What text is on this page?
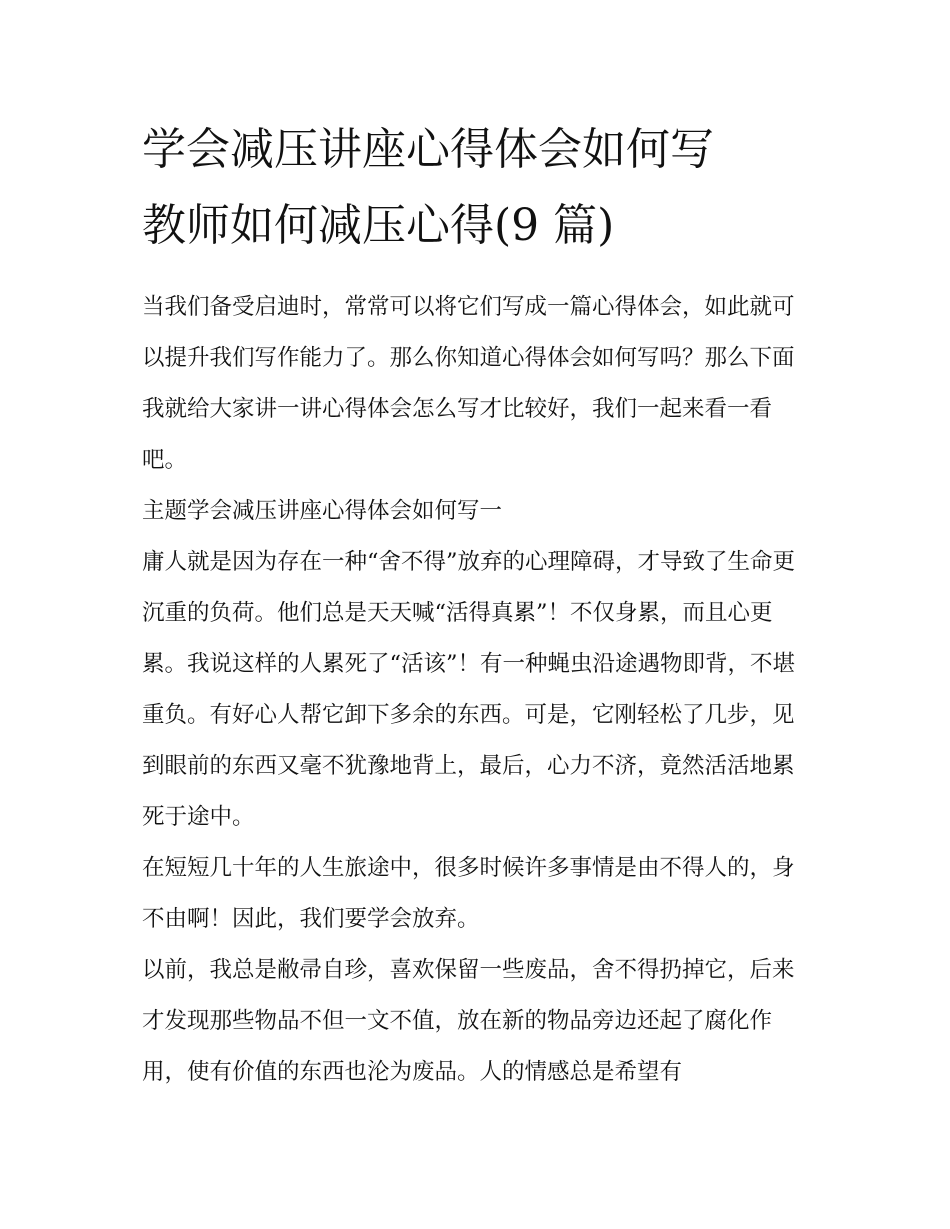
学会减压讲座心得体会如何写
教师如何减压心得(9 篇)

当我们备受启迪时，常常可以将它们写成一篇心得体会，如此就可以提升我们写作能力了。那么你知道心得体会如何写吗？那么下面我就给大家讲一讲心得体会怎么写才比较好，我们一起来看一看吧。

主题学会减压讲座心得体会如何写一

庸人就是因为存在一种“舍不得”放弃的心理障碍，才导致了生命更沉重的负荷。他们总是天天喊“活得真累”！不仅身累，而且心更累。我说这样的人累死了“活该”！有一种蝇虫沿途遇物即背，不堪重负。有好心人帮它卸下多余的东西。可是，它刚轻松了几步，见到眼前的东西又毫不犹豫地背上，最后，心力不济，竟然活活地累死于途中。

在短短几十年的人生旅途中，很多时候许多事情是由不得人的，身不由啊！因此，我们要学会放弃。

以前，我总是敝帚自珍，喜欢保留一些废品，舍不得扔掉它，后来才发现那些物品不但一文不值，放在新的物品旁边还起了腐化作用，使有价值的东西也沦为废品。人的情感总是希望有
